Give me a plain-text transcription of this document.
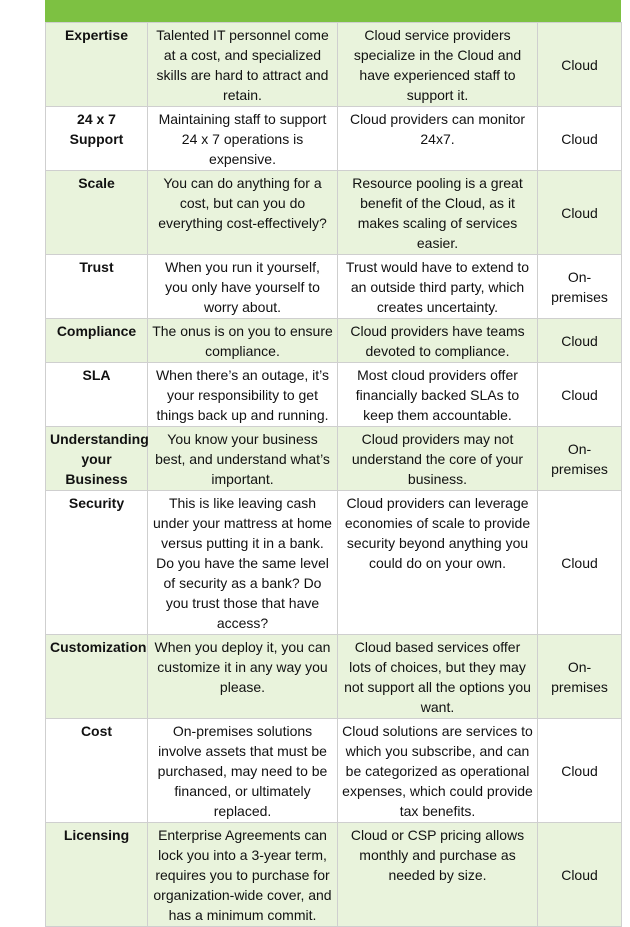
Expertise	Talented IT personnel come at a cost, and specialized skills are hard to attract and retain.	Cloud service providers specialize in the Cloud and have experienced staff to support it.	Cloud
24 x 7 Support	Maintaining staff to support 24 x 7 operations is expensive.	Cloud providers can monitor 24x7.	Cloud
Scale	You can do anything for a cost, but can you do everything cost-effectively?	Resource pooling is a great benefit of the Cloud, as it makes scaling of services easier.	Cloud
Trust	When you run it yourself, you only have yourself to worry about.	Trust would have to extend to an outside third party, which creates uncertainty.	On-premises
Compliance	The onus is on you to ensure compliance.	Cloud providers have teams devoted to compliance.	Cloud
SLA	When there’s an outage, it’s your responsibility to get things back up and running.	Most cloud providers offer financially backed SLAs to keep them accountable.	Cloud
Understanding your Business	You know your business best, and understand what’s important.	Cloud providers may not understand the core of your business.	On-premises
Security	This is like leaving cash under your mattress at home versus putting it in a bank. Do you have the same level of security as a bank? Do you trust those that have access?	Cloud providers can leverage economies of scale to provide security beyond anything you could do on your own.	Cloud
Customization	When you deploy it, you can customize it in any way you please.	Cloud based services offer lots of choices, but they may not support all the options you want.	On-premises
Cost	On-premises solutions involve assets that must be purchased, may need to be financed, or ultimately replaced.	Cloud solutions are services to which you subscribe, and can be categorized as operational expenses, which could provide tax benefits.	Cloud
Licensing	Enterprise Agreements can lock you into a 3-year term, requires you to purchase for organization-wide cover, and has a minimum commit.	Cloud or CSP pricing allows monthly and purchase as needed by size.	Cloud
